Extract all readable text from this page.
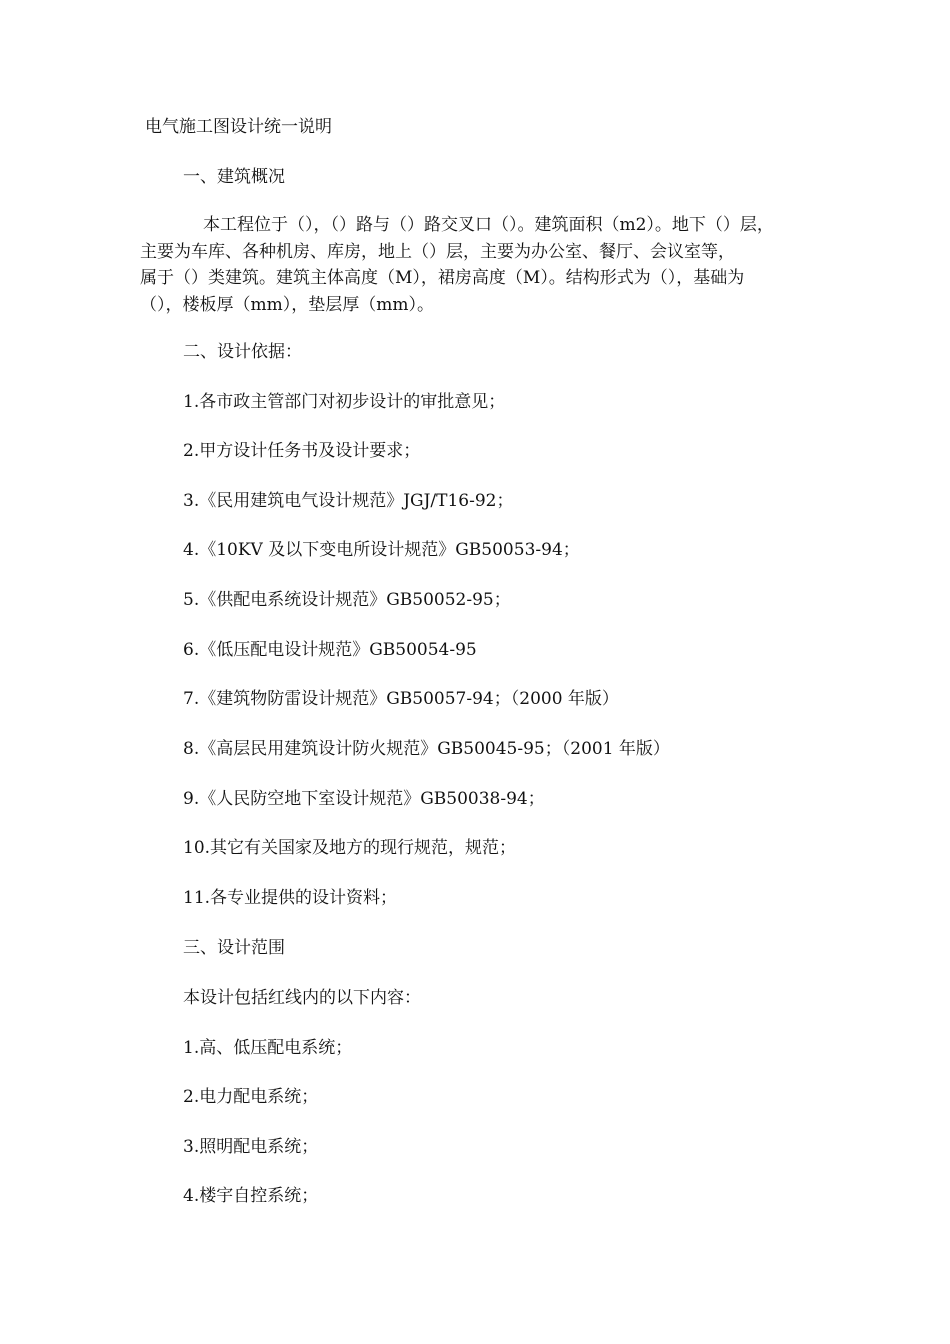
电气施工图设计统一说明
一、建筑概况
本工程位于（），（）路与（）路交叉口（）。建筑面积（m2）。地下（）层，
主要为车库、各种机房、库房，地上（）层，主要为办公室、餐厅、会议室等，
属于（）类建筑。建筑主体高度（M），裙房高度（M）。结构形式为（），基础为
（），楼板厚（mm），垫层厚（mm）。
二、设计依据：
1.各市政主管部门对初步设计的审批意见；
2.甲方设计任务书及设计要求；
3.《民用建筑电气设计规范》JGJ/T16-92；
4.《10KV 及以下变电所设计规范》GB50053-94；
5.《供配电系统设计规范》GB50052-95；
6.《低压配电设计规范》GB50054-95
7.《建筑物防雷设计规范》GB50057-94；（2000 年版）
8.《高层民用建筑设计防火规范》GB50045-95；（2001 年版）
9.《人民防空地下室设计规范》GB50038-94；
10.其它有关国家及地方的现行规范，规范；
11.各专业提供的设计资料；
三、设计范围
本设计包括红线内的以下内容：
1.高、低压配电系统；
2.电力配电系统；
3.照明配电系统；
4.楼宇自控系统；
